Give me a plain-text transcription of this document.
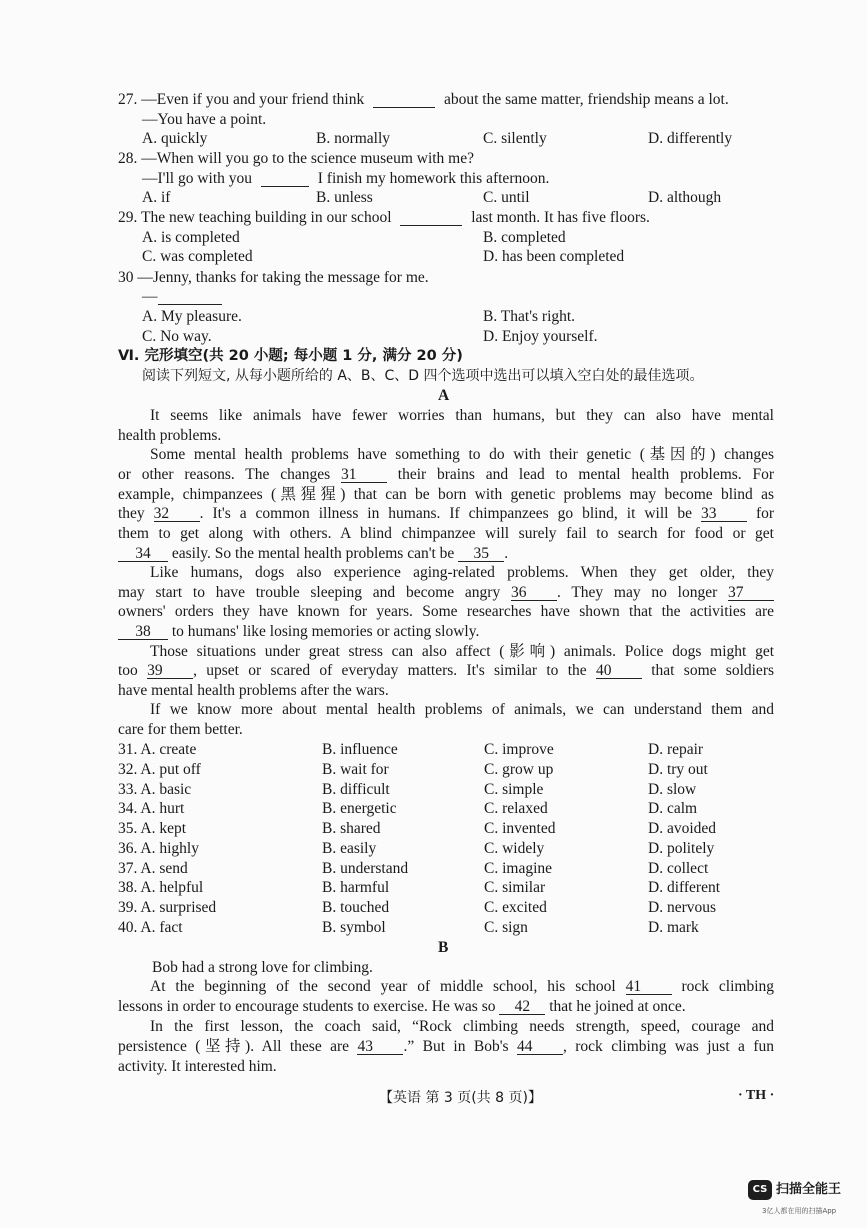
27. —Even if you and your friend think	about the same matter, friendship means a lot.
—You have a point.
A. quickly	B. normally	C. silently	D. differently
28. —When will you go to the science museum with me?
—I'll go with you	I finish my homework this afternoon.
A. if	B. unless	C. until	D. although
29. The new teaching building in our school	last month. It has five floors.
A. is completed	B. completed
C. was completed	D. has been completed
30 —Jenny, thanks for taking the message for me.
—
A. My pleasure.	B. That's right.
C. No way.	D. Enjoy yourself.
Ⅵ. 完形填空(共 20 小题; 每小题 1 分, 满分 20 分)
阅读下列短文, 从每小题所给的 A、B、C、D 四个选项中选出可以填入空白处的最佳选项。
A
It seems like animals have fewer worries than humans, but they can also have mental
health problems.
Some mental health problems have something to do with their genetic (基因的) changes
or other reasons. The changes 31	their brains and lead to mental health problems. For
example, chimpanzees (黑猩猩) that can be born with genetic problems may become blind as
they 32 . It's a common illness in humans. If chimpanzees go blind, it will be 33	for
them to get along with others. A blind chimpanzee will surely fail to search for food or get
34 easily. So the mental health problems can't be 35 .
Like humans, dogs also experience aging-related problems. When they get older, they
may start to have trouble sleeping and become angry 36 . They may no longer 37
owners' orders they have known for years. Some researches have shown that the activities are
38 to humans' like losing memories or acting slowly.
Those situations under great stress can also affect (影响) animals. Police dogs might get
too 39 , upset or scared of everyday matters. It's similar to the 40	that some soldiers
have mental health problems after the wars.
If we know more about mental health problems of animals, we can understand them and
care for them better.
31. A. create	B. influence	C. improve	D. repair
32. A. put off	B. wait for	C. grow up	D. try out
33. A. basic	B. difficult	C. simple	D. slow
34. A. hurt	B. energetic	C. relaxed	D. calm
35. A. kept	B. shared	C. invented	D. avoided
36. A. highly	B. easily	C. widely	D. politely
37. A. send	B. understand	C. imagine	D. collect
38. A. helpful	B. harmful	C. similar	D. different
39. A. surprised	B. touched	C. excited	D. nervous
40. A. fact	B. symbol	C. sign	D. mark
B
Bob had a strong love for climbing.
At the beginning of the second year of middle school, his school 41	rock climbing
lessons in order to encourage students to exercise. He was so 42 that he joined at once.
In the first lesson, the coach said, “Rock climbing needs strength, speed, courage and
persistence (坚持). All these are 43 .” But in Bob's 44 , rock climbing was just a fun
activity. It interested him.
【英语 第 3 页(共 8 页)】	· TH ·
CS 扫描全能王
3亿人都在用的扫描App
